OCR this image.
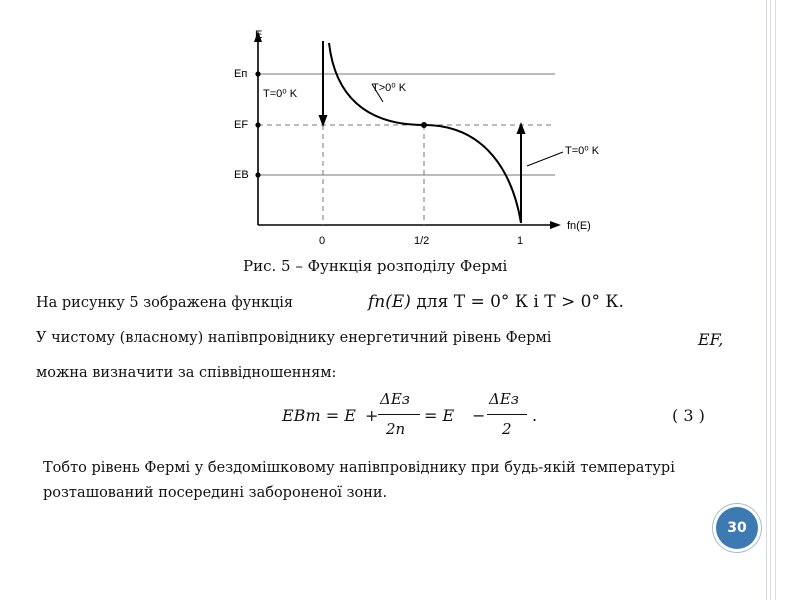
E
Eп
EF
EB
T=0⁰ K	T>0⁰ K
T=0⁰ K
0	1/2	1
fn(E)
Рис. 5 – Функція розподілу Фермі
На рисунку 5 зображена функція	fn(E) для T = 0° К і T > 0° К.
У чистому (власному) напівпровіднику енергетичний рівень Фермі	EF,
можна визначити за співвідношенням:
EВт = E +
ΔEз
2п
= E −
ΔEз
2
.	( 3 )
Тобто рівень Фермі у бездомішковому напівпровіднику при будь-якій температурі
розташований посередині забороненої зони.
30
